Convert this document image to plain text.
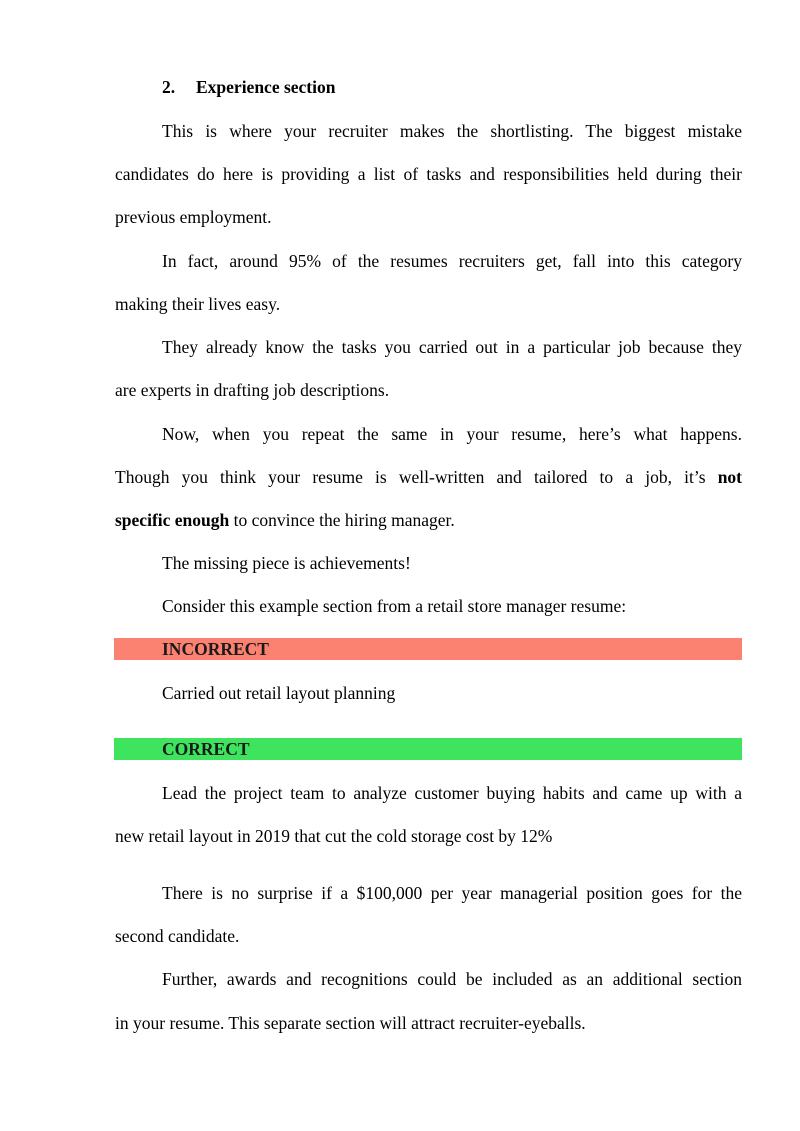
2. Experience section
This is where your recruiter makes the shortlisting. The biggest mistake
candidates do here is providing a list of tasks and responsibilities held during their
previous employment.
In fact, around 95% of the resumes recruiters get, fall into this category
making their lives easy.
They already know the tasks you carried out in a particular job because they
are experts in drafting job descriptions.
Now, when you repeat the same in your resume, here’s what happens.
Though you think your resume is well-written and tailored to a job, it’s not
specific enough to convince the hiring manager.
The missing piece is achievements!
Consider this example section from a retail store manager resume:
INCORRECT
Carried out retail layout planning
CORRECT
Lead the project team to analyze customer buying habits and came up with a
new retail layout in 2019 that cut the cold storage cost by 12%
There is no surprise if a $100,000 per year managerial position goes for the
second candidate.
Further, awards and recognitions could be included as an additional section
in your resume. This separate section will attract recruiter-eyeballs.
